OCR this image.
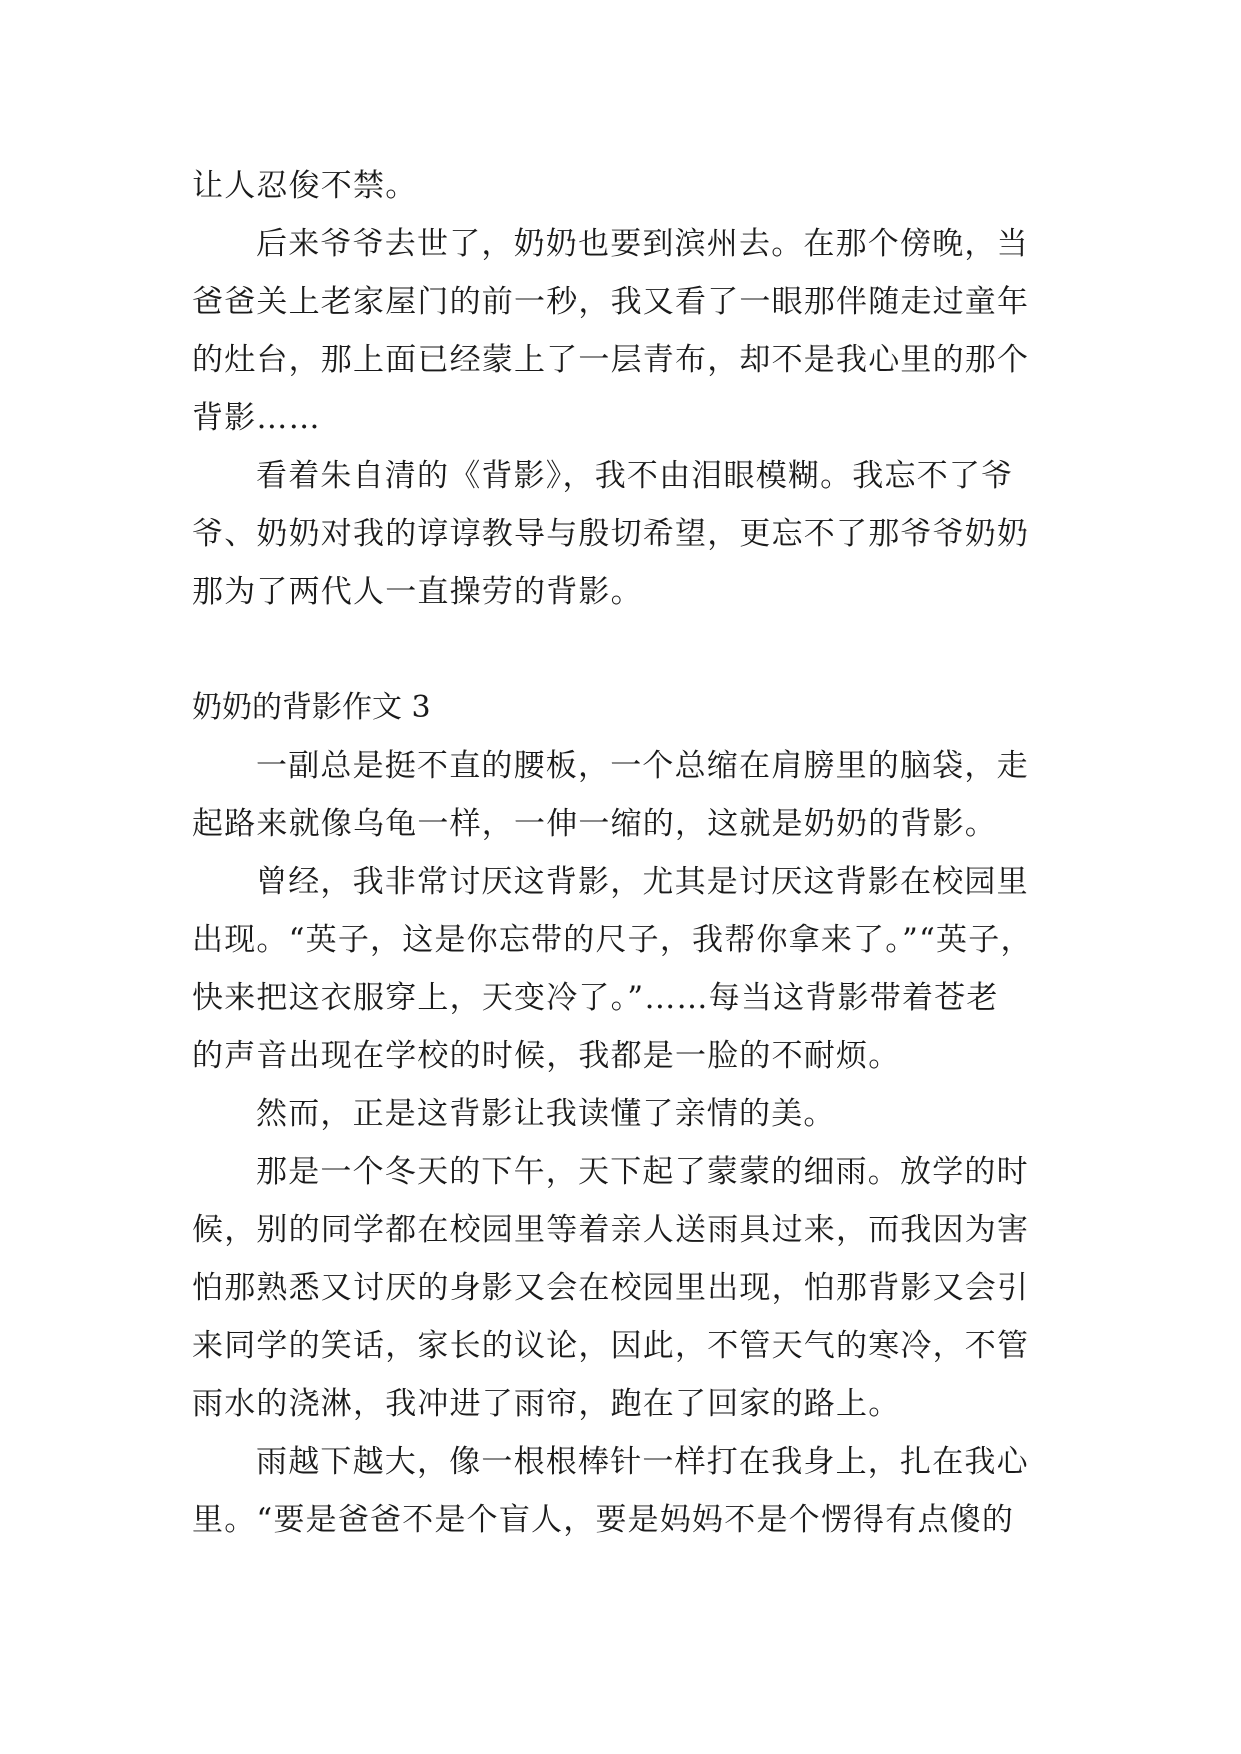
让人忍俊不禁。
后来爷爷去世了，奶奶也要到滨州去。在那个傍晚，当
爸爸关上老家屋门的前一秒，我又看了一眼那伴随走过童年
的灶台，那上面已经蒙上了一层青布，却不是我心里的那个
背影……
看着朱自清的《背影》，我不由泪眼模糊。我忘不了爷
爷、奶奶对我的谆谆教导与殷切希望，更忘不了那爷爷奶奶
那为了两代人一直操劳的背影。
奶奶的背影作文 3
一副总是挺不直的腰板，一个总缩在肩膀里的脑袋，走
起路来就像乌龟一样，一伸一缩的，这就是奶奶的背影。
曾经，我非常讨厌这背影，尤其是讨厌这背影在校园里
出现。“英子，这是你忘带的尺子，我帮你拿来了。”“英子，
快来把这衣服穿上，天变冷了。”……每当这背影带着苍老
的声音出现在学校的时候，我都是一脸的不耐烦。
然而，正是这背影让我读懂了亲情的美。
那是一个冬天的下午，天下起了蒙蒙的细雨。放学的时
候，别的同学都在校园里等着亲人送雨具过来，而我因为害
怕那熟悉又讨厌的身影又会在校园里出现，怕那背影又会引
来同学的笑话，家长的议论，因此，不管天气的寒冷，不管
雨水的浇淋，我冲进了雨帘，跑在了回家的路上。
雨越下越大，像一根根棒针一样打在我身上，扎在我心
里。“要是爸爸不是个盲人，要是妈妈不是个愣得有点傻的
